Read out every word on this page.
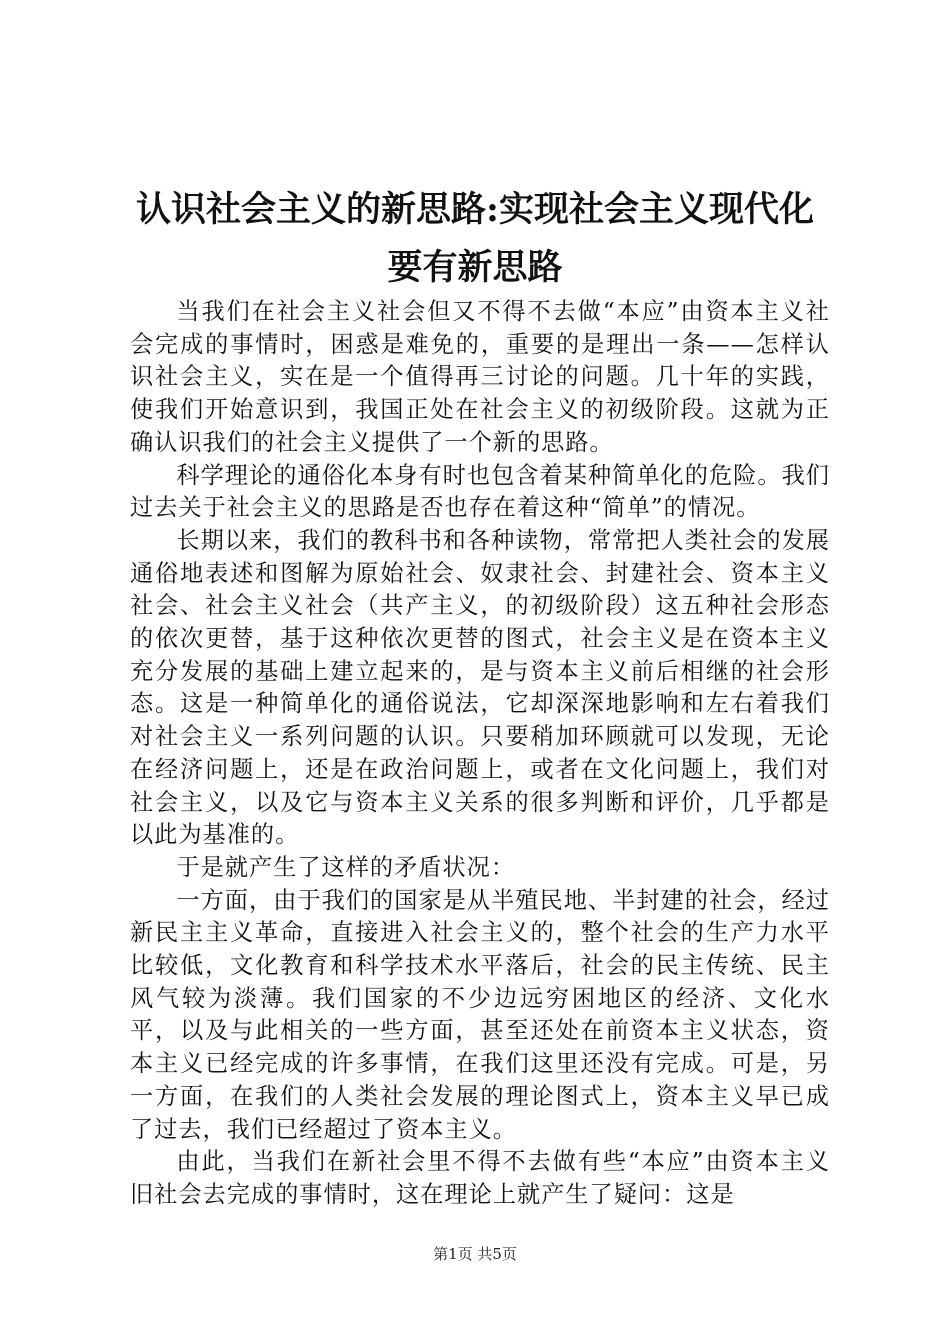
认识社会主义的新思路:实现社会主义现代化
要有新思路

当我们在社会主义社会但又不得不去做“本应”由资本主义社会完成的事情时，困惑是难免的，重要的是理出一条——怎样认识社会主义，实在是一个值得再三讨论的问题。几十年的实践，使我们开始意识到，我国正处在社会主义的初级阶段。这就为正确认识我们的社会主义提供了一个新的思路。

科学理论的通俗化本身有时也包含着某种简单化的危险。我们过去关于社会主义的思路是否也存在着这种“简单”的情况。

长期以来，我们的教科书和各种读物，常常把人类社会的发展通俗地表述和图解为原始社会、奴隶社会、封建社会、资本主义社会、社会主义社会（共产主义，的初级阶段）这五种社会形态的依次更替，基于这种依次更替的图式，社会主义是在资本主义充分发展的基础上建立起来的，是与资本主义前后相继的社会形态。这是一种简单化的通俗说法，它却深深地影响和左右着我们对社会主义一系列问题的认识。只要稍加环顾就可以发现，无论在经济问题上，还是在政治问题上，或者在文化问题上，我们对社会主义，以及它与资本主义关系的很多判断和评价，几乎都是以此为基准的。

于是就产生了这样的矛盾状况：

一方面，由于我们的国家是从半殖民地、半封建的社会，经过新民主主义革命，直接进入社会主义的，整个社会的生产力水平比较低，文化教育和科学技术水平落后，社会的民主传统、民主风气较为淡薄。我们国家的不少边远穷困地区的经济、文化水平，以及与此相关的一些方面，甚至还处在前资本主义状态，资本主义已经完成的许多事情，在我们这里还没有完成。可是，另一方面，在我们的人类社会发展的理论图式上，资本主义早已成了过去，我们已经超过了资本主义。

由此，当我们在新社会里不得不去做有些“本应”由资本主义旧社会去完成的事情时，这在理论上就产生了疑问：这是

第1页 共5页
